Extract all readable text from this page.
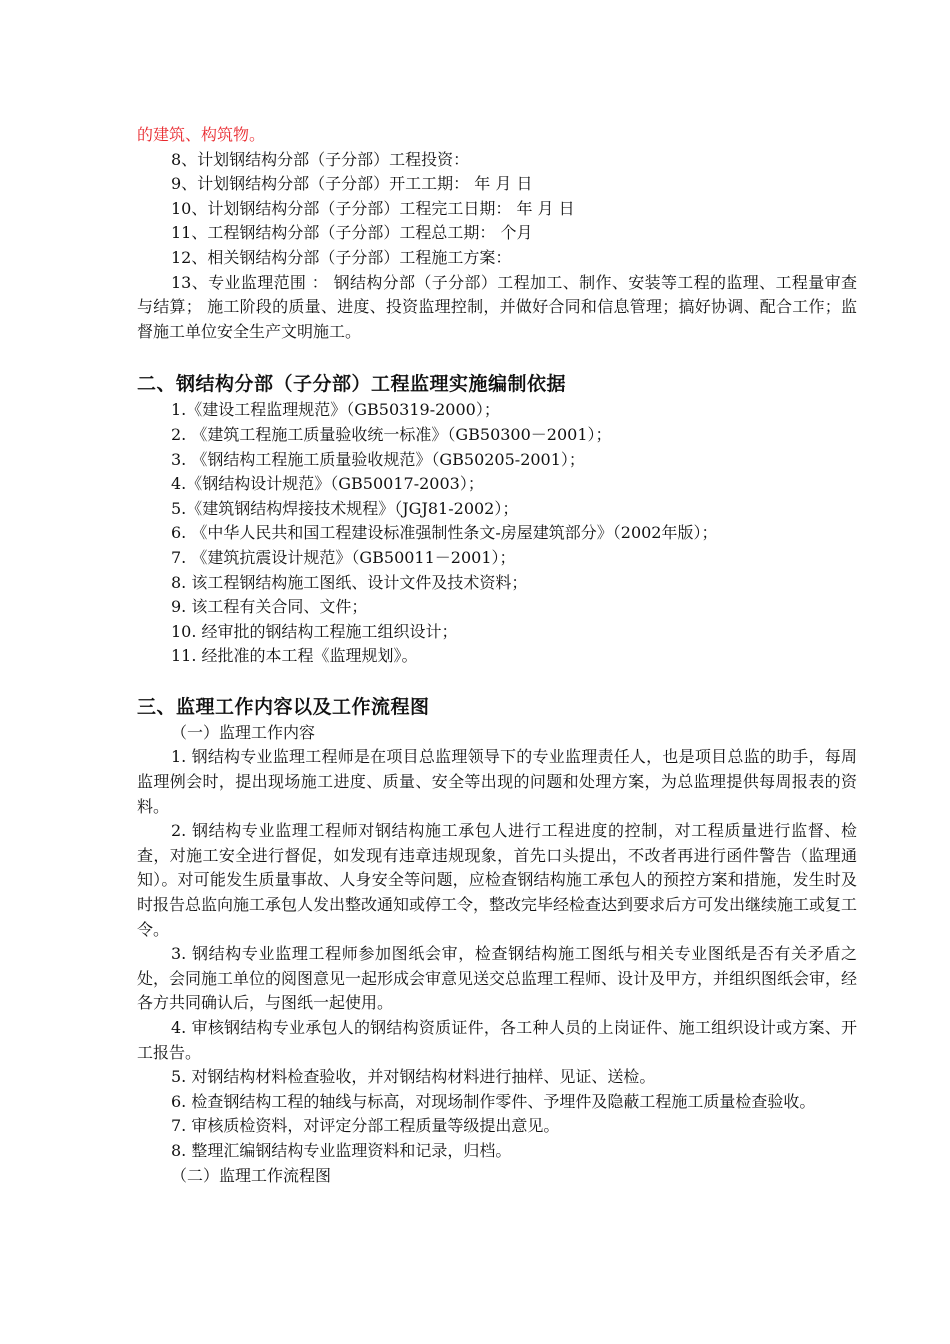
的建筑、构筑物。

8、计划钢结构分部（子分部）工程投资：

9、计划钢结构分部（子分部）开工工期： 年 月 日

10、计划钢结构分部（子分部）工程完工日期： 年 月 日

11、工程钢结构分部（子分部）工程总工期： 个月

12、相关钢结构分部（子分部）工程施工方案：

13、专业监理范围 ： 钢结构分部（子分部）工程加工、制作、安装等工程的监理、工程量审查与结算； 施工阶段的质量、进度、投资监理控制，并做好合同和信息管理；搞好协调、配合工作；监督施工单位安全生产文明施工。

二、钢结构分部（子分部）工程监理实施编制依据

1.《建设工程监理规范》（GB50319-2000）；

2. 《建筑工程施工质量验收统一标准》（GB50300－2001）；

3. 《钢结构工程施工质量验收规范》（GB50205-2001）；

4.《钢结构设计规范》（GB50017-2003）；

5.《建筑钢结构焊接技术规程》（JGJ81-2002）；

6. 《中华人民共和国工程建设标准强制性条文-房屋建筑部分》（2002年版）；

7. 《建筑抗震设计规范》（GB50011－2001）；

8. 该工程钢结构施工图纸、设计文件及技术资料；

9. 该工程有关合同、文件；

10. 经审批的钢结构工程施工组织设计；

11. 经批准的本工程《监理规划》。

三、监理工作内容以及工作流程图

（一）监理工作内容

1. 钢结构专业监理工程师是在项目总监理领导下的专业监理责任人，也是项目总监的助手，每周监理例会时，提出现场施工进度、质量、安全等出现的问题和处理方案，为总监理提供每周报表的资料。

2. 钢结构专业监理工程师对钢结构施工承包人进行工程进度的控制，对工程质量进行监督、检查，对施工安全进行督促，如发现有违章违规现象，首先口头提出，不改者再进行函件警告（监理通知）。对可能发生质量事故、人身安全等问题，应检查钢结构施工承包人的预控方案和措施，发生时及时报告总监向施工承包人发出整改通知或停工令，整改完毕经检查达到要求后方可发出继续施工或复工令。

3. 钢结构专业监理工程师参加图纸会审，检查钢结构施工图纸与相关专业图纸是否有关矛盾之处，会同施工单位的阅图意见一起形成会审意见送交总监理工程师、设计及甲方，并组织图纸会审，经各方共同确认后，与图纸一起使用。

4. 审核钢结构专业承包人的钢结构资质证件，各工种人员的上岗证件、施工组织设计或方案、开工报告。

5. 对钢结构材料检查验收，并对钢结构材料进行抽样、见证、送检。

6. 检查钢结构工程的轴线与标高，对现场制作零件、予埋件及隐蔽工程施工质量检查验收。

7. 审核质检资料，对评定分部工程质量等级提出意见。

8. 整理汇编钢结构专业监理资料和记录，归档。

（二）监理工作流程图
